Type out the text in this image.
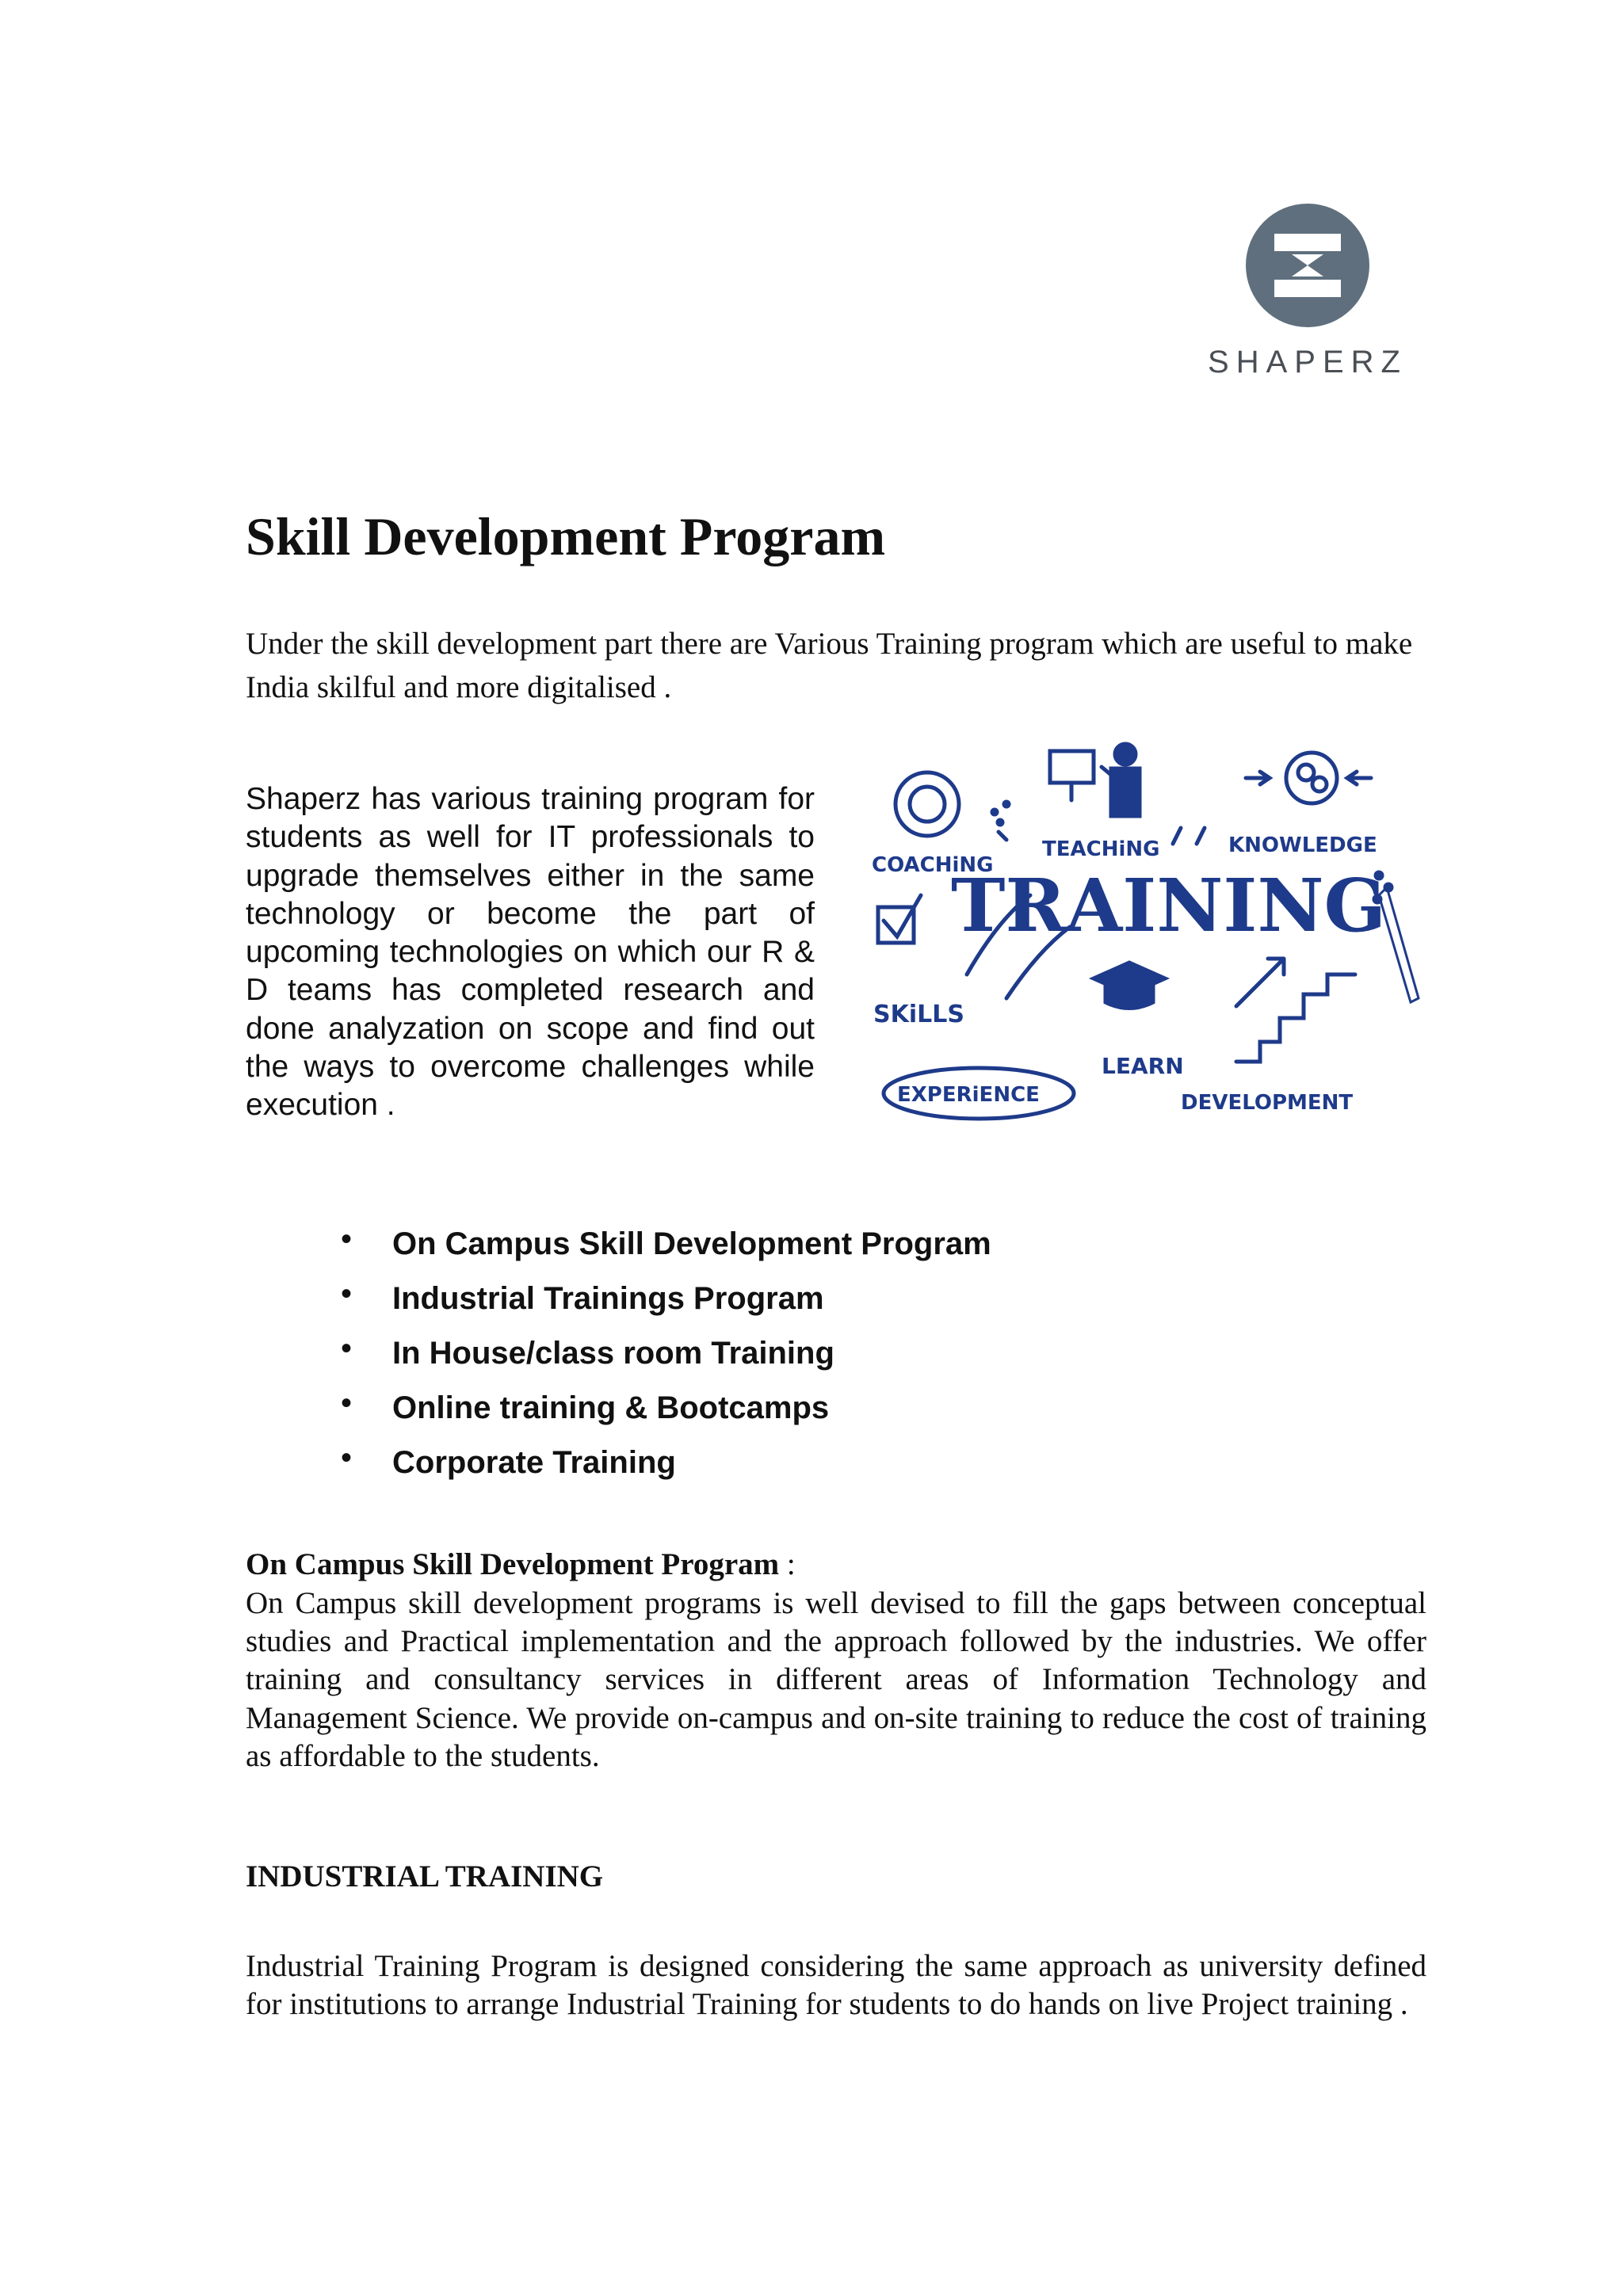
SHAPERZ
Skill Development Program

Under the skill development part there are Various Training program which are useful to make India skilful and more digitalised .

Shaperz has various training program for students as well for IT professionals to upgrade themselves either in the same technology or become the part of upcoming technologies on which our R & D teams has completed research and done analyzation on scope and find out the ways to overcome challenges while execution .

COACHiNG
TEACHiNG	KNOWLEDGE
TRAINING
SKiLLS
LEARN
EXPERiENCE	DEVELOPMENT
• On Campus Skill Development Program
• Industrial Trainings Program
• In House/class room Training
• Online training & Bootcamps
• Corporate Training
On Campus Skill Development Program :

On Campus skill development programs is well devised to fill the gaps between conceptual studies and Practical implementation and the approach followed by the industries. We offer training and consultancy services in different areas of Information Technology and Management Science. We provide on-campus and on-site training to reduce the cost of training as affordable to the students.

INDUSTRIAL TRAINING

Industrial Training Program is designed considering the same approach as university defined for institutions to arrange Industrial Training for students to do hands on live Project training .
